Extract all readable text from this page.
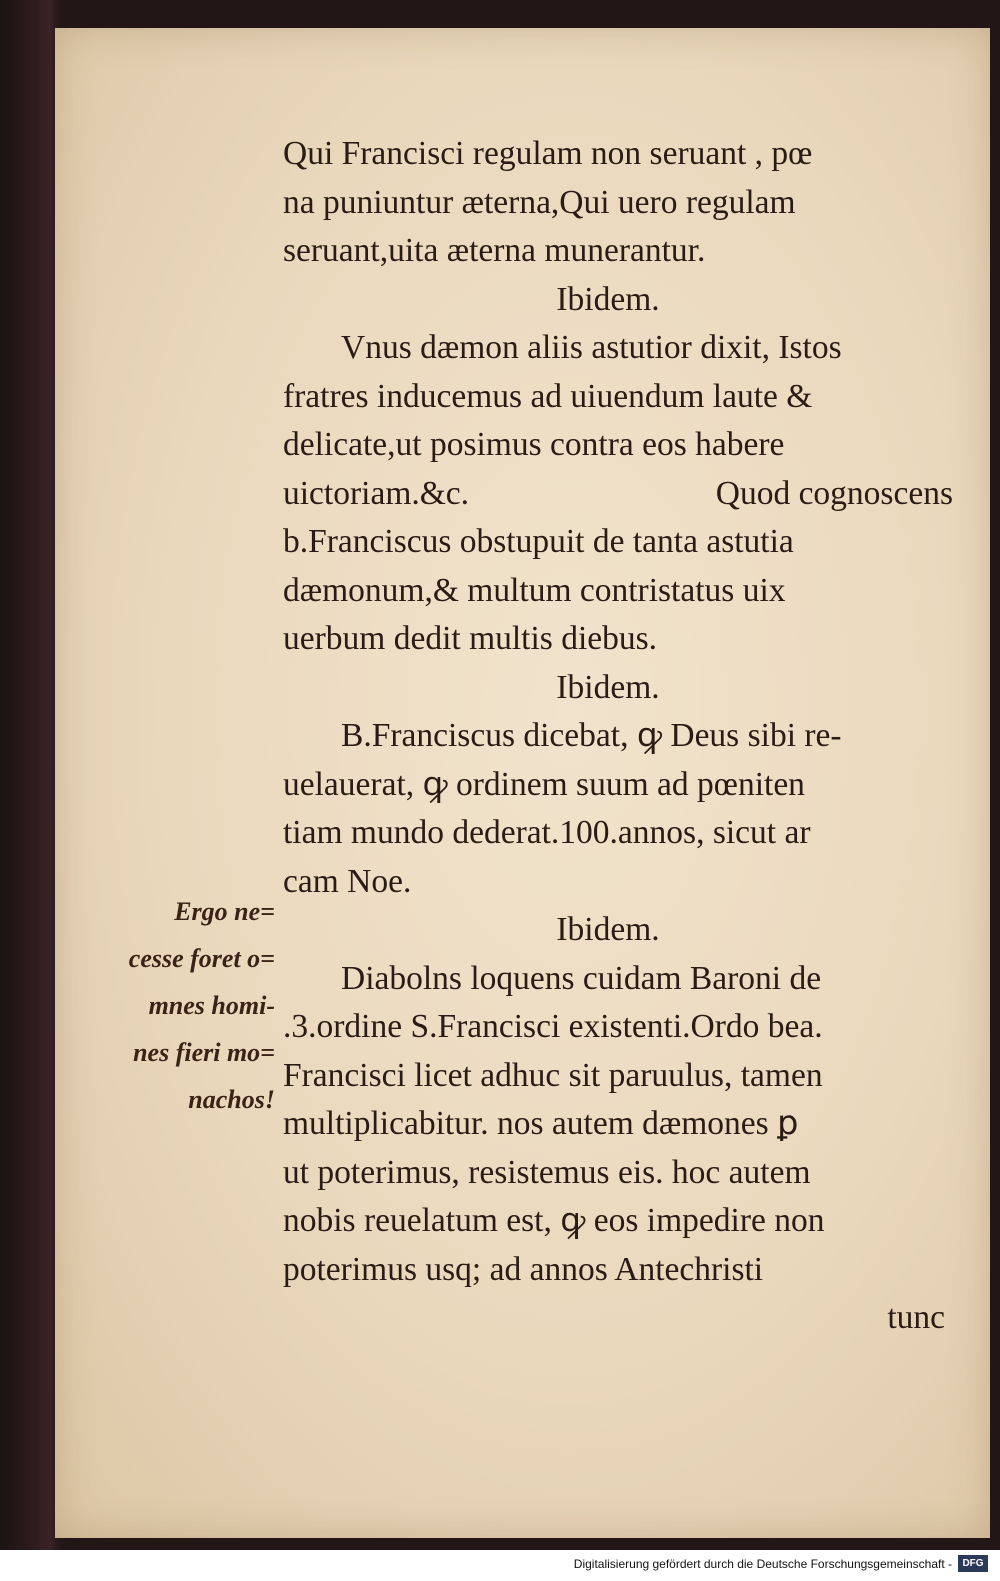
Qui Francisci regulam non seruant , pœ
na puniuntur æterna,Qui uero regulam
seruant,uita æterna munerantur.
Ibidem.
Vnus dæmon aliis astutior dixit, Istos
fratres inducemus ad uiuendum laute &
delicate,ut posimus contra eos habere
uictoriam.&c.	Quod cognoscens
b.Franciscus obstupuit de tanta astutia
dæmonum,& multum contristatus uix
uerbum dedit multis diebus.
Ibidem.
B.Franciscus dicebat, ꝙ Deus sibi re-
uelauerat, ꝙ ordinem suum ad pœniten
tiam mundo dederat.100.annos, sicut ar
cam Noe.
Ibidem.
Diabolns loquens cuidam Baroni de
.3.ordine S.Francisci existenti.Ordo bea.
Francisci licet adhuc sit paruulus, tamen
multiplicabitur. nos autem dæmones ꝑ
ut poterimus, resistemus eis. hoc autem
nobis reuelatum est, ꝙ eos impedire non
poterimus usq; ad annos Antechristi
tunc
Ergo ne=
cesse foret o=
mnes homi-
nes fieri mo=
nachos!
Digitalisierung gefördert durch die Deutsche Forschungsgemeinschaft -	DFG
